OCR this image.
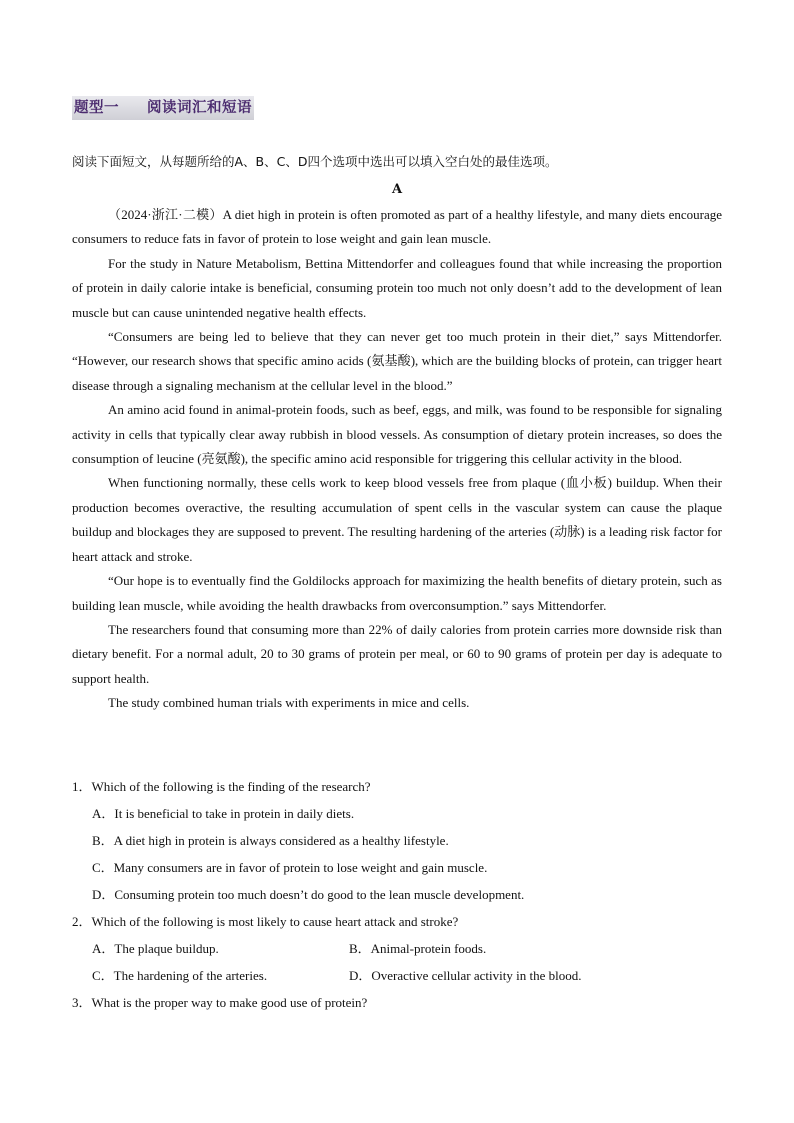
题型一 阅读词汇和短语
阅读下面短文，从每题所给的A、B、C、D四个选项中选出可以填入空白处的最佳选项。
A

（2024·浙江·二模）A diet high in protein is often promoted as part of a healthy lifestyle, and many diets encourage consumers to reduce fats in favor of protein to lose weight and gain lean muscle.

For the study in Nature Metabolism, Bettina Mittendorfer and colleagues found that while increasing the proportion of protein in daily calorie intake is beneficial, consuming protein too much not only doesn’t add to the development of lean muscle but can cause unintended negative health effects.

“Consumers are being led to believe that they can never get too much protein in their diet,” says Mittendorfer. “However, our research shows that specific amino acids (氨基酸), which are the building blocks of protein, can trigger heart disease through a signaling mechanism at the cellular level in the blood.”

An amino acid found in animal-protein foods, such as beef, eggs, and milk, was found to be responsible for signaling activity in cells that typically clear away rubbish in blood vessels. As consumption of dietary protein increases, so does the consumption of leucine (亮氨酸), the specific amino acid responsible for triggering this cellular activity in the blood.

When functioning normally, these cells work to keep blood vessels free from plaque (血小板) buildup. When their production becomes overactive, the resulting accumulation of spent cells in the vascular system can cause the plaque buildup and blockages they are supposed to prevent. The resulting hardening of the arteries (动脉) is a leading risk factor for heart attack and stroke.

“Our hope is to eventually find the Goldilocks approach for maximizing the health benefits of dietary protein, such as building lean muscle, while avoiding the health drawbacks from overconsumption.” says Mittendorfer.

The researchers found that consuming more than 22% of daily calories from protein carries more downside risk than dietary benefit. For a normal adult, 20 to 30 grams of protein per meal, or 60 to 90 grams of protein per day is adequate to support health.

The study combined human trials with experiments in mice and cells.

1．Which of the following is the finding of the research?

A．It is beneficial to take in protein in daily diets.

B．A diet high in protein is always considered as a healthy lifestyle.

C．Many consumers are in favor of protein to lose weight and gain muscle.

D．Consuming protein too much doesn’t do good to the lean muscle development.

2．Which of the following is most likely to cause heart attack and stroke?

A．The plaque buildup.	B．Animal-protein foods.
C．The hardening of the arteries.	D．Overactive cellular activity in the blood.

3．What is the proper way to make good use of protein?
